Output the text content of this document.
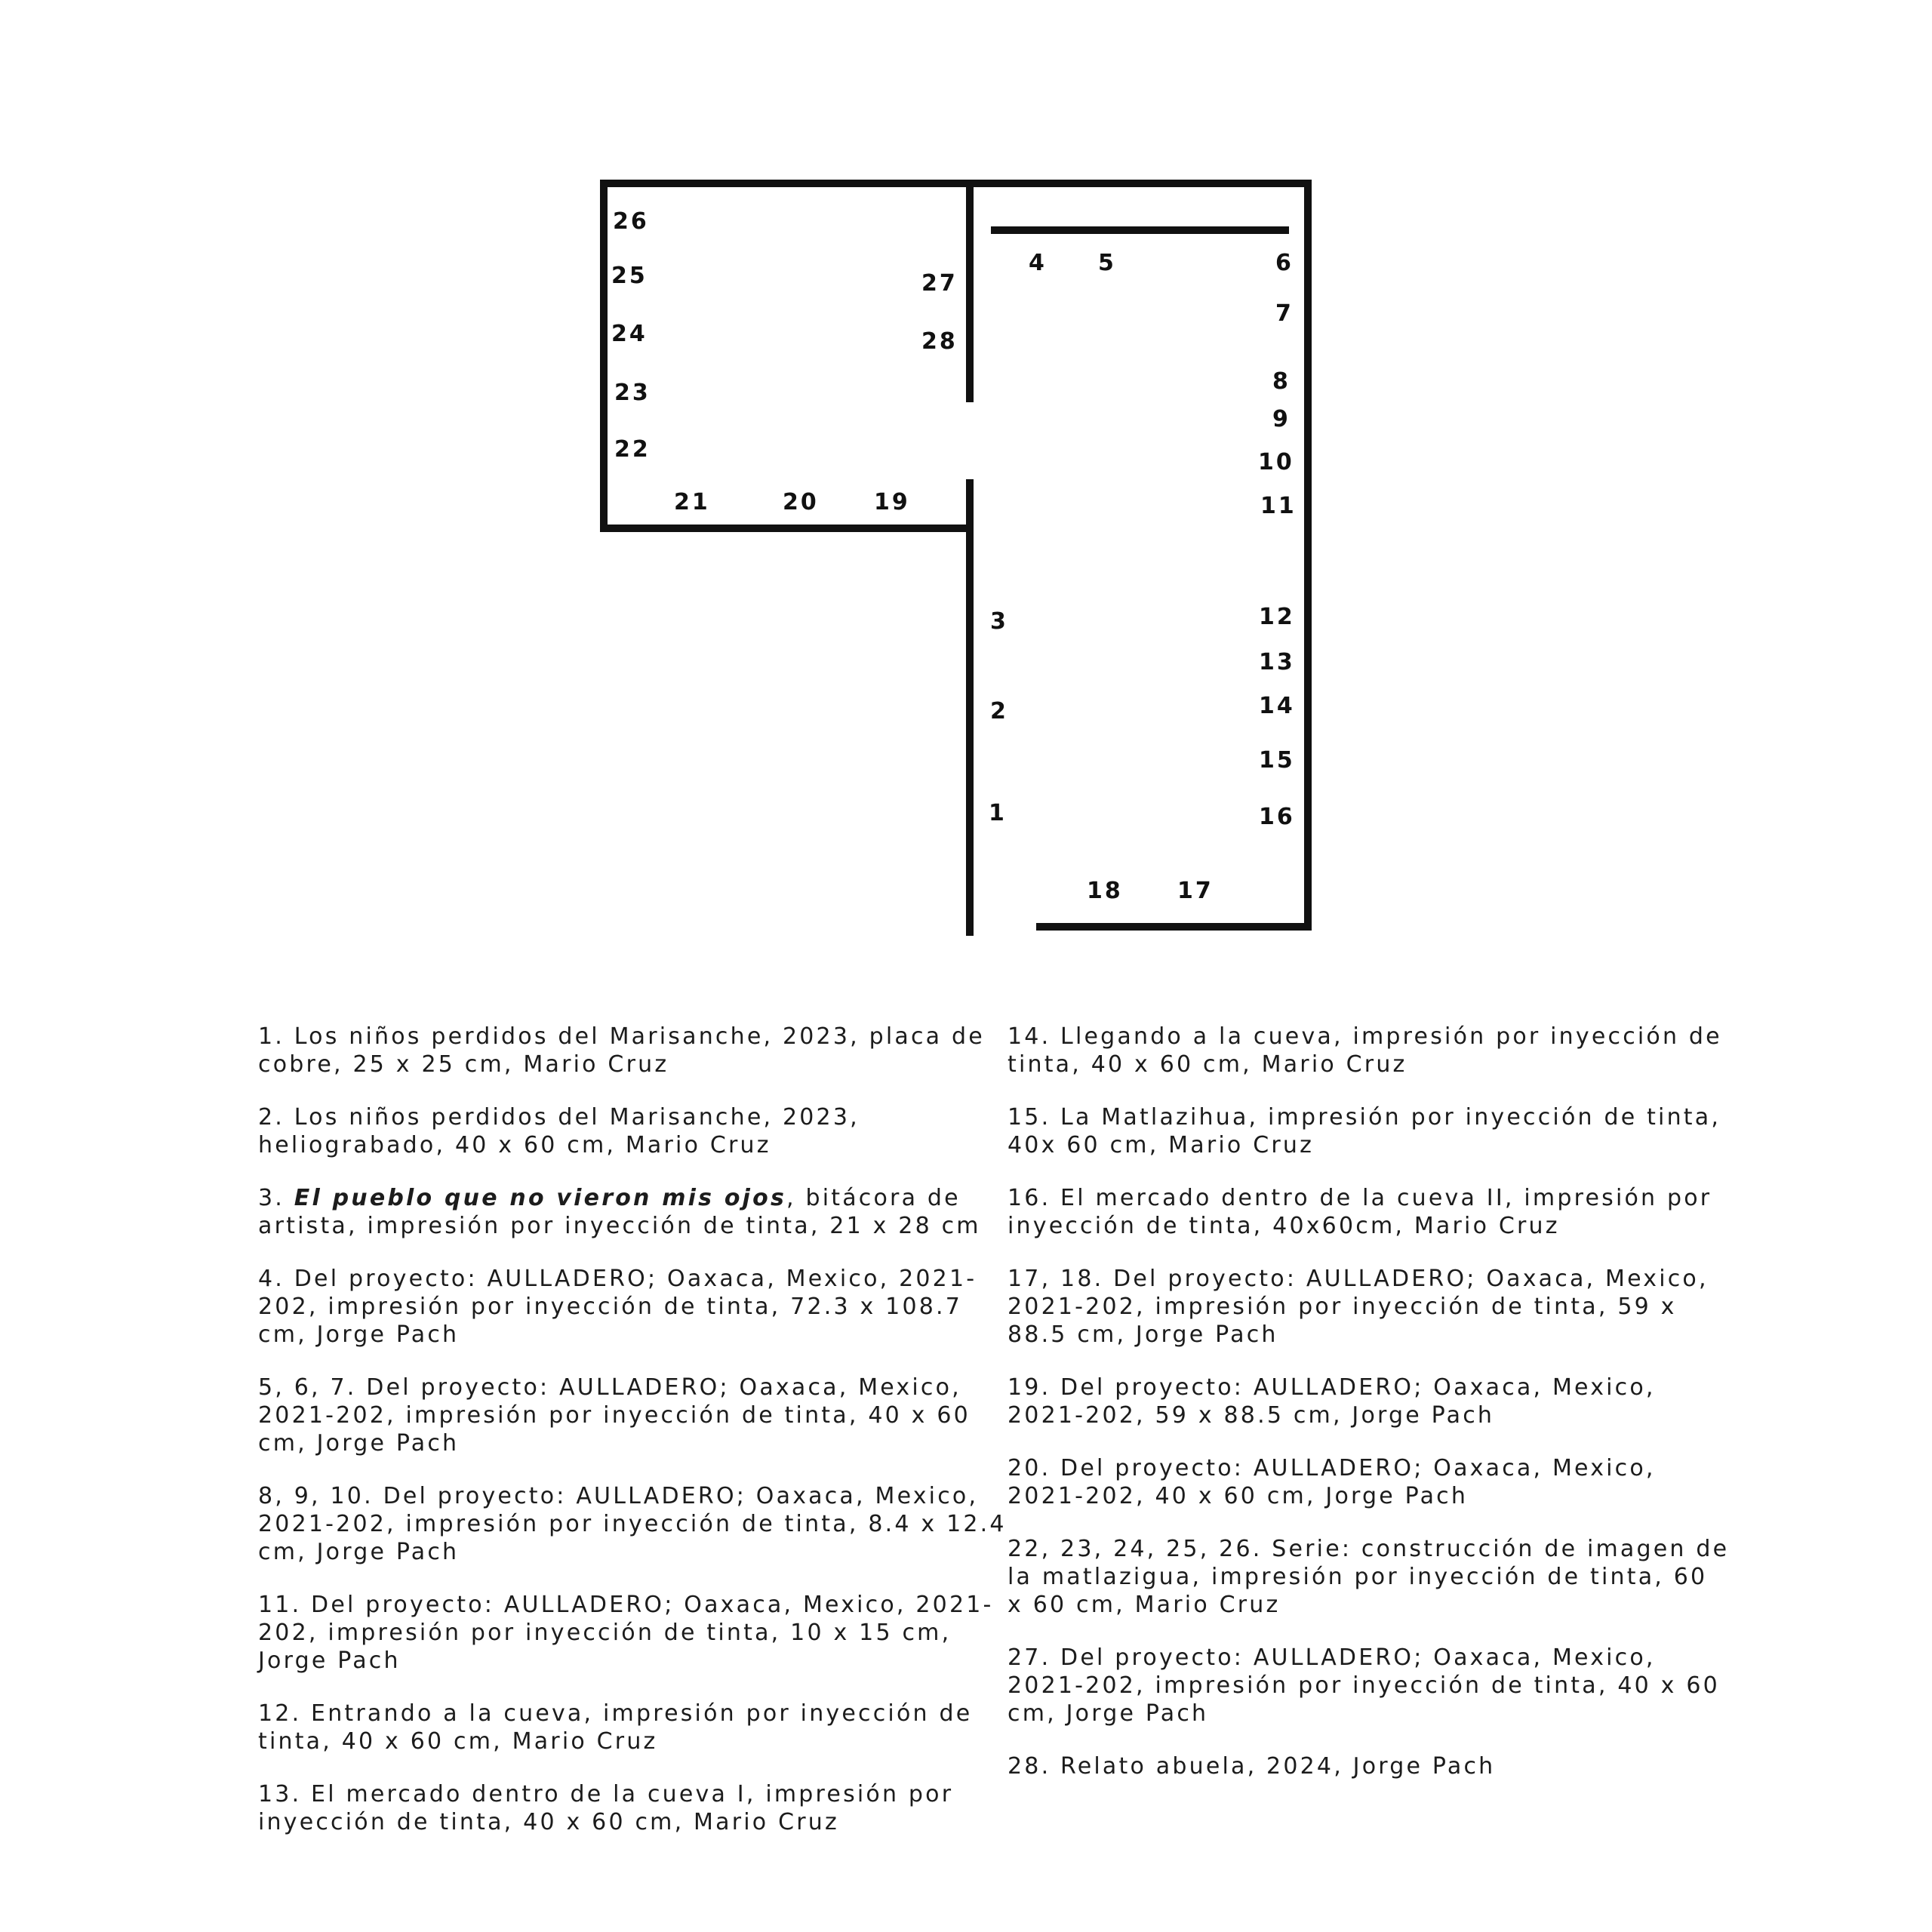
1
2
3
4 5	6
7
8
9
10
11
12
13
14
15
16
17
18
19
20
21
22
23
24
25
26
27
28

1. Los niños perdidos del Marisanche, 2023, placa de cobre, 25 x 25 cm, Mario Cruz

2. Los niños perdidos del Marisanche, 2023, heliograbado, 40 x 60 cm, Mario Cruz

3. El pueblo que no vieron mis ojos, bitácora de artista, impresión por inyección de tinta, 21 x 28 cm

4. Del proyecto: AULLADERO; Oaxaca, Mexico, 2021-202, impresión por inyección de tinta, 72.3 x 108.7 cm, Jorge Pach

5, 6, 7. Del proyecto: AULLADERO; Oaxaca, Mexico, 2021-202, impresión por inyección de tinta, 40 x 60 cm, Jorge Pach

8, 9, 10. Del proyecto: AULLADERO; Oaxaca, Mexico, 2021-202, impresión por inyección de tinta, 8.4 x 12.4 cm, Jorge Pach

11. Del proyecto: AULLADERO; Oaxaca, Mexico, 2021-202, impresión por inyección de tinta, 10 x 15 cm, Jorge Pach

12. Entrando a la cueva, impresión por inyección de tinta, 40 x 60 cm, Mario Cruz

13. El mercado dentro de la cueva I, impresión por inyección de tinta, 40 x 60 cm, Mario Cruz

14. Llegando a la cueva, impresión por inyección de tinta, 40 x 60 cm, Mario Cruz

15. La Matlazihua, impresión por inyección de tinta, 40x 60 cm, Mario Cruz

16. El mercado dentro de la cueva II, impresión por inyección de tinta, 40x60cm, Mario Cruz

17, 18. Del proyecto: AULLADERO; Oaxaca, Mexico, 2021-202, impresión por inyección de tinta, 59 x 88.5 cm, Jorge Pach

19. Del proyecto: AULLADERO; Oaxaca, Mexico, 2021-202, 59 x 88.5 cm, Jorge Pach

20. Del proyecto: AULLADERO; Oaxaca, Mexico, 2021-202, 40 x 60 cm, Jorge Pach

22, 23, 24, 25, 26. Serie: construcción de imagen de la matlazigua, impresión por inyección de tinta, 60 x 60 cm, Mario Cruz

27. Del proyecto: AULLADERO; Oaxaca, Mexico, 2021-202, impresión por inyección de tinta, 40 x 60 cm, Jorge Pach

28. Relato abuela, 2024, Jorge Pach
